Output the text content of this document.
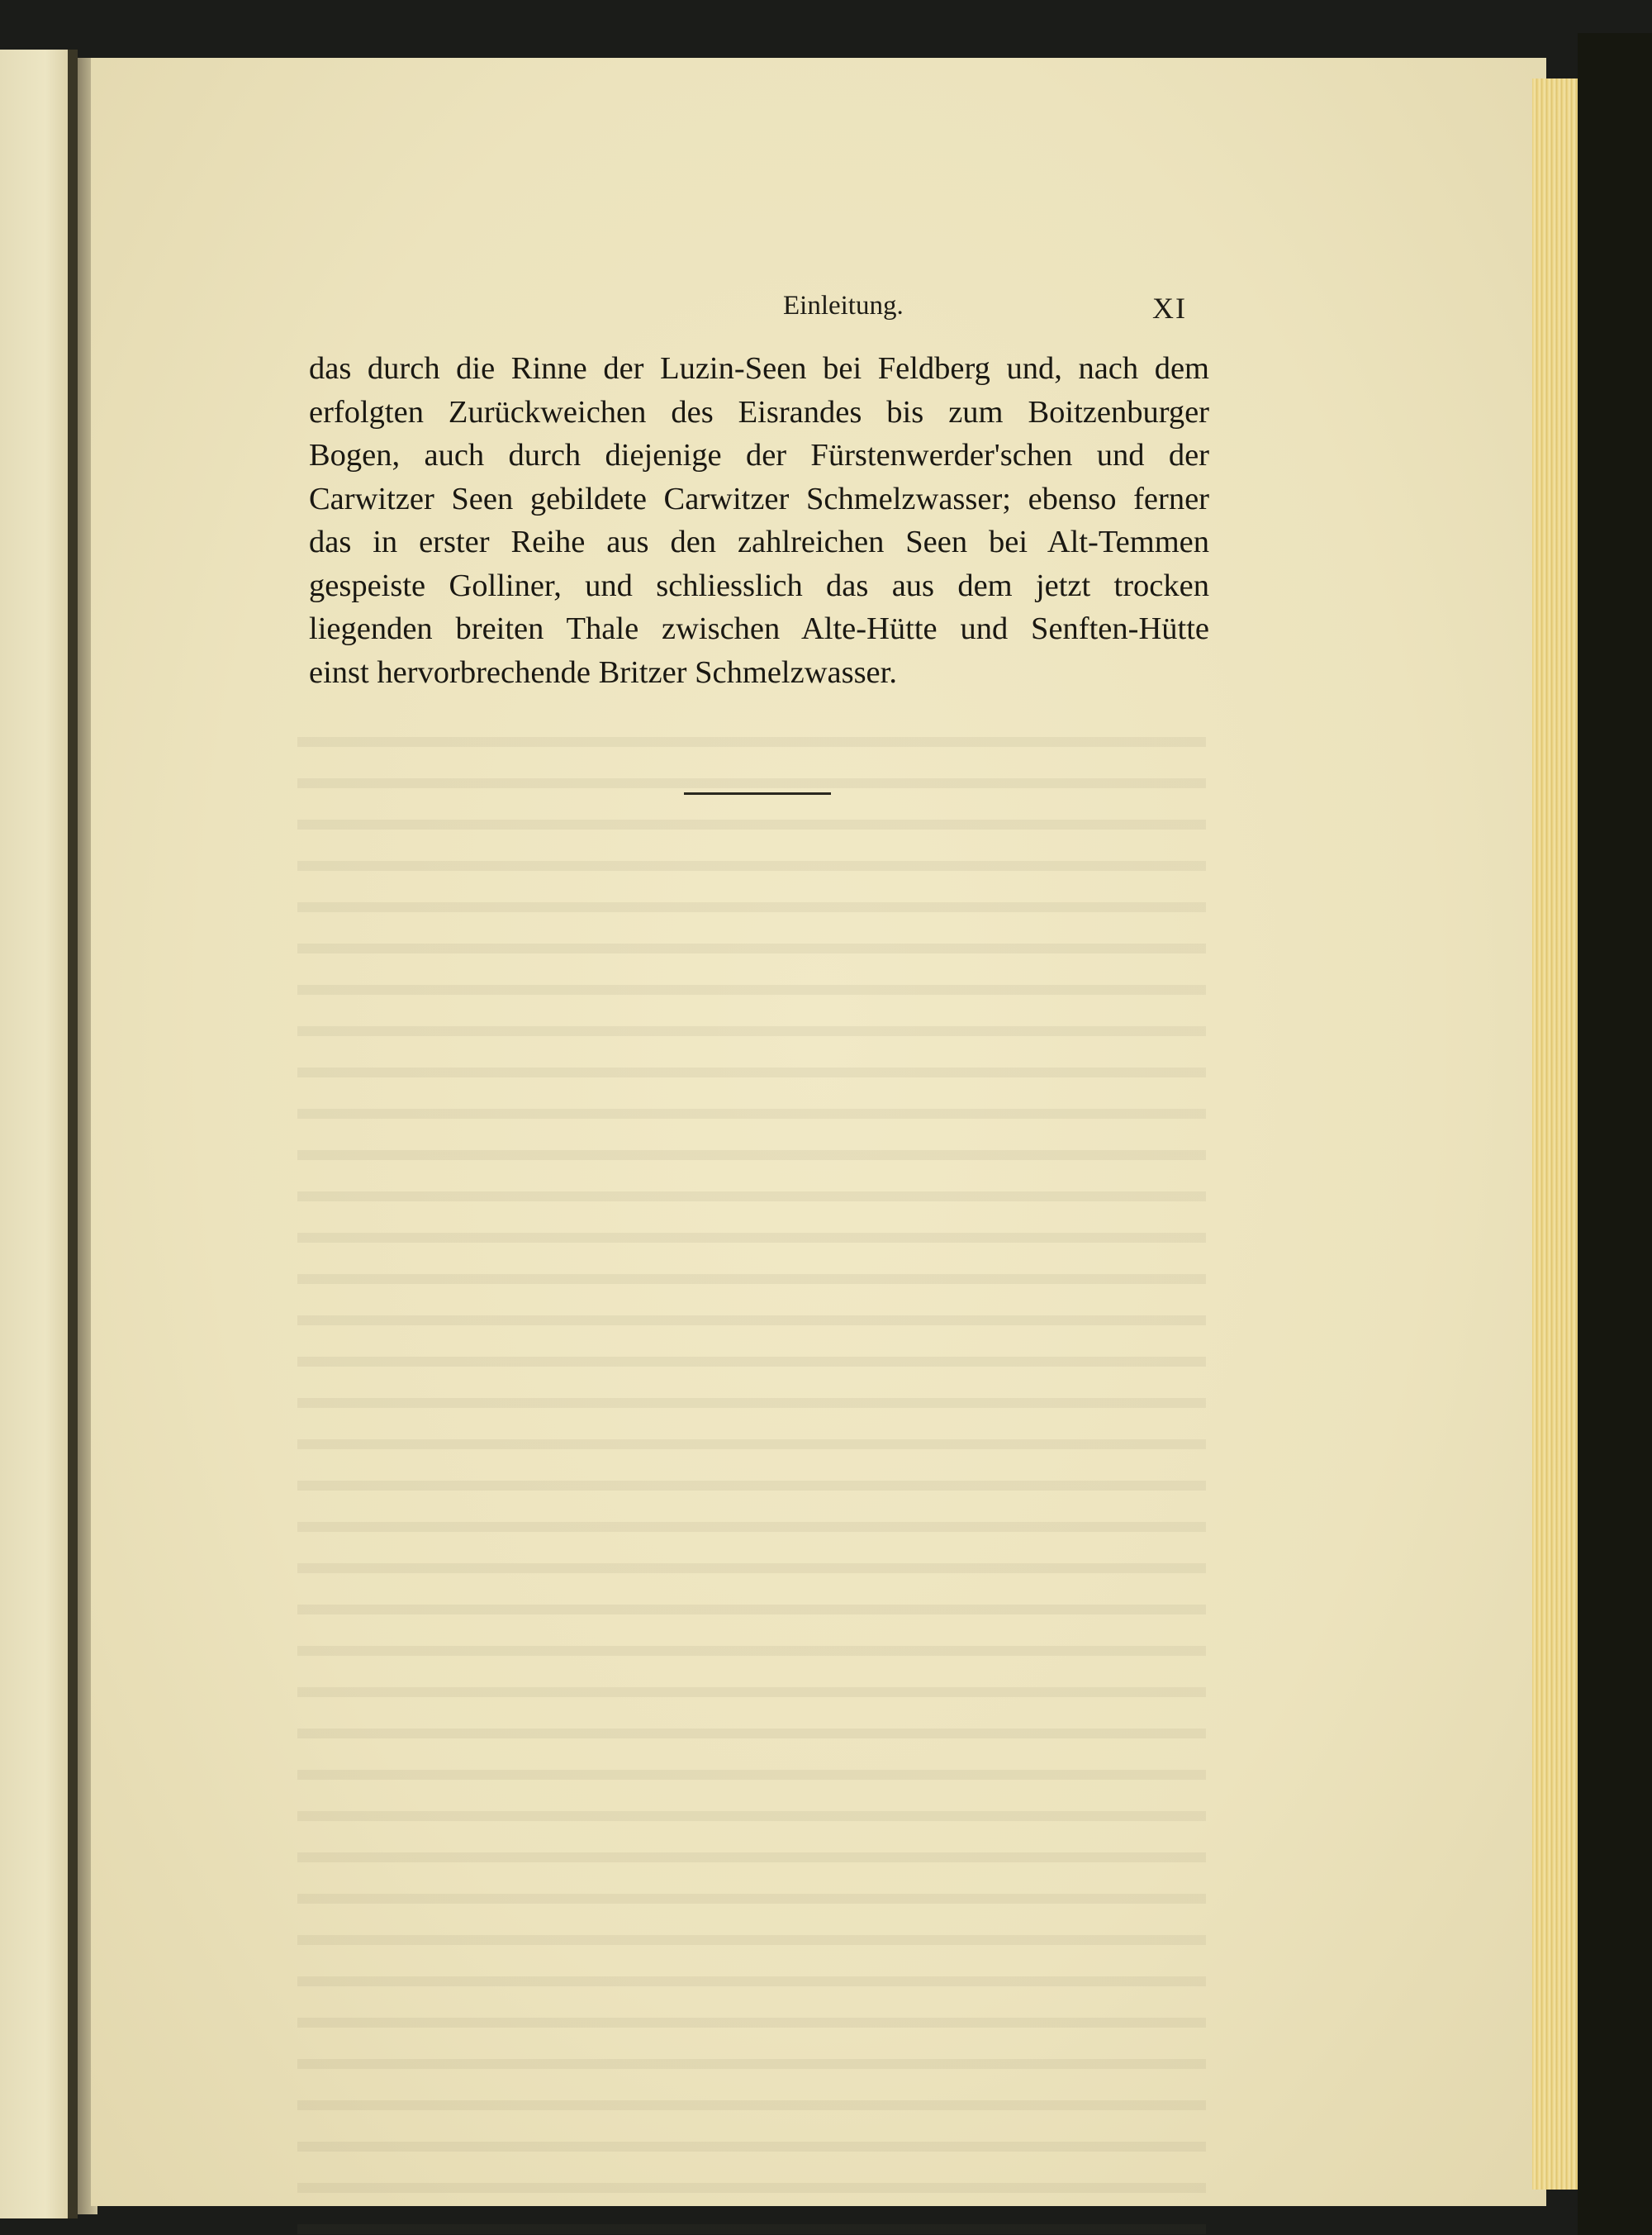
Einleitung.	XI

das durch die Rinne der Luzin-Seen bei Feldberg und, nach dem
erfolgten Zurückweichen des Eisrandes bis zum Boitzenburger
Bogen, auch durch diejenige der Fürstenwerder'schen und der
Carwitzer Seen gebildete Carwitzer Schmelzwasser; ebenso ferner
das in erster Reihe aus den zahlreichen Seen bei Alt-Temmen
gespeiste Golliner, und schliesslich das aus dem jetzt trocken
liegenden breiten Thale zwischen Alte-Hütte und Senften-Hütte
einst hervorbrechende Britzer Schmelzwasser.
